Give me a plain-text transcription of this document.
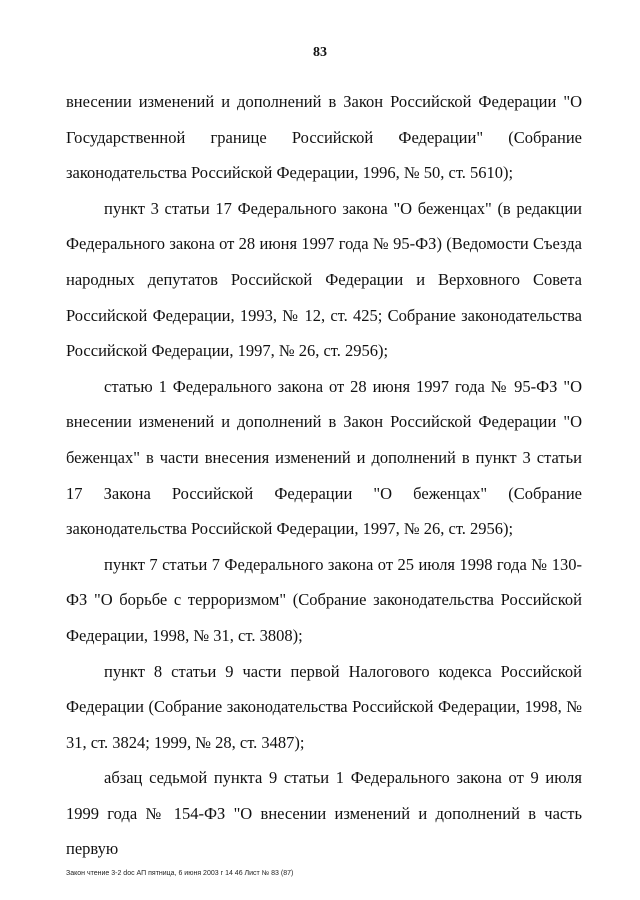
83

внесении изменений и дополнений в Закон Российской Федерации "О Государственной границе Российской Федерации" (Собрание законодательства Российской Федерации, 1996, № 50, ст. 5610);

пункт 3 статьи 17 Федерального закона "О беженцах" (в редакции Федерального закона от 28 июня 1997 года № 95-ФЗ) (Ведомости Съезда народных депутатов Российской Федерации и Верховного Совета Российской Федерации, 1993, № 12, ст. 425; Собрание законодательства Российской Федерации, 1997, № 26, ст. 2956);

статью 1 Федерального закона от 28 июня 1997 года № 95-ФЗ "О внесении изменений и дополнений в Закон Российской Федерации "О беженцах" в части внесения изменений и дополнений в пункт 3 статьи 17 Закона Российской Федерации "О беженцах" (Собрание законодательства Российской Федерации, 1997, № 26, ст. 2956);

пункт 7 статьи 7 Федерального закона от 25 июля 1998 года № 130-ФЗ "О борьбе с терроризмом" (Собрание законодательства Российской Федерации, 1998, № 31, ст. 3808);

пункт 8 статьи 9 части первой Налогового кодекса Российской Федерации (Собрание законодательства Российской Федерации, 1998, № 31, ст. 3824; 1999, № 28, ст. 3487);

абзац седьмой пункта 9 статьи 1 Федерального закона от 9 июля 1999 года № 154-ФЗ "О внесении изменений и дополнений в часть первую

Закон чтение 3-2 doc АП пятница, 6 июня 2003 г 14 46 Лист № 83 (87)
